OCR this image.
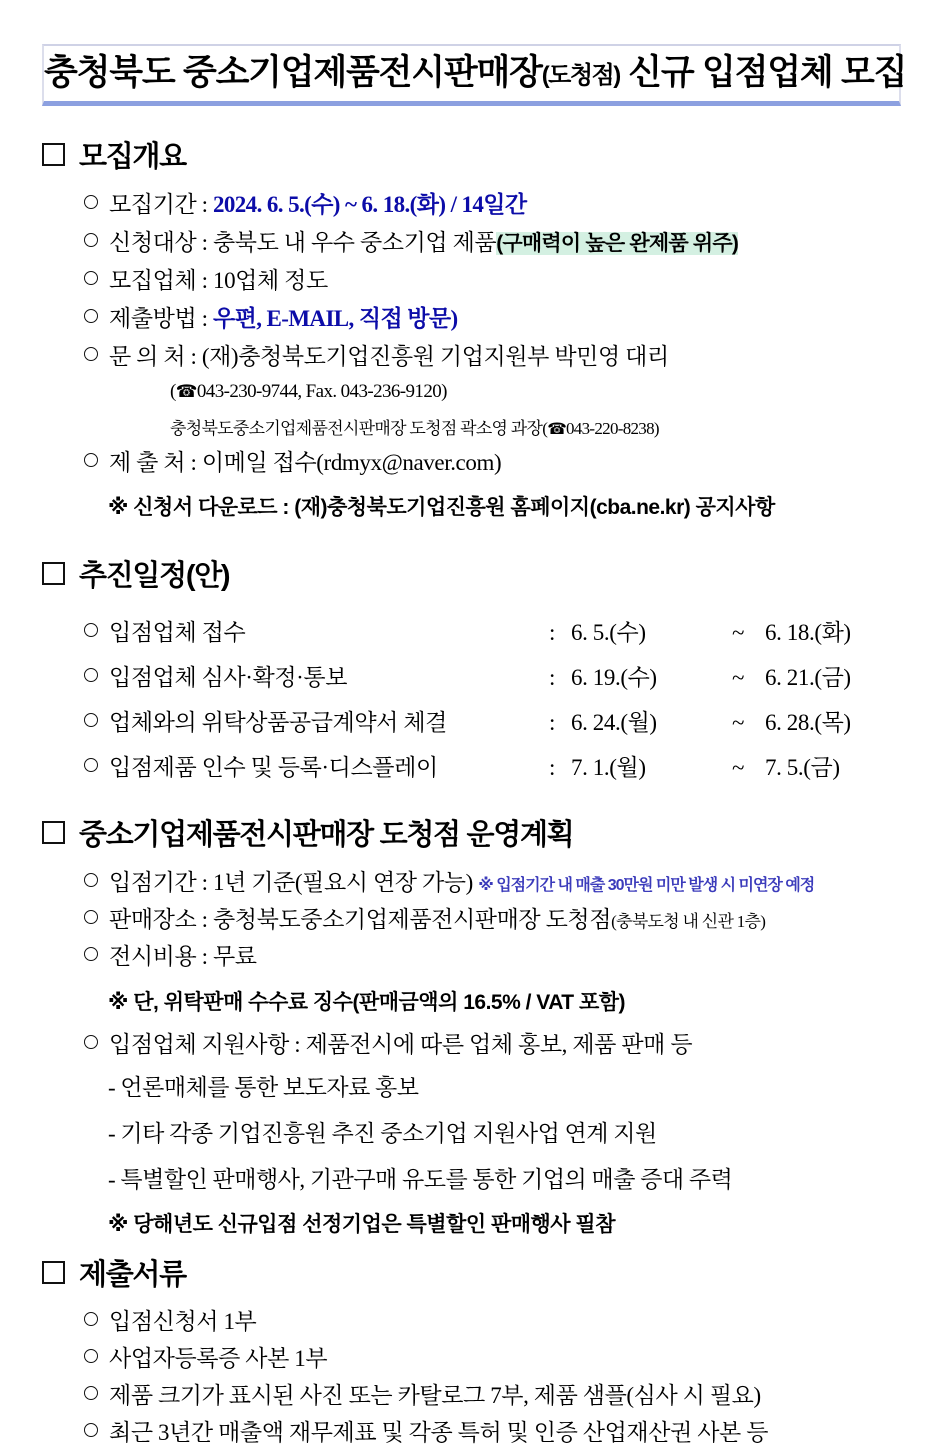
충청북도 중소기업제품전시판매장(도청점) 신규 입점업체 모집
모집개요
모집기간 : 2024. 6. 5.(수) ~ 6. 18.(화) / 14일간
신청대상 : 충북도 내 우수 중소기업 제품(구매력이 높은 완제품 위주)
모집업체 : 10업체 정도
제출방법 : 우편, E-MAIL, 직접 방문)
문 의 처 : (재)충청북도기업진흥원 기업지원부 박민영 대리
(☎043-230-9744, Fax. 043-236-9120)
충청북도중소기업제품전시판매장 도청점 곽소영 과장(☎043-220-8238)
제 출 처 : 이메일 접수(rdmyx@naver.com)
※ 신청서 다운로드 : (재)충청북도기업진흥원 홈페이지(cba.ne.kr) 공지사항
추진일정(안)
입점업체 접수	: 6. 5.(수)	~ 6. 18.(화)
입점업체 심사·확정·통보	: 6. 19.(수)	~ 6. 21.(금)
업체와의 위탁상품공급계약서 체결	: 6. 24.(월)	~ 6. 28.(목)
입점제품 인수 및 등록·디스플레이	: 7. 1.(월)	~ 7. 5.(금)
중소기업제품전시판매장 도청점 운영계획
입점기간 : 1년 기준(필요시 연장 가능) ※ 입점기간 내 매출 30만원 미만 발생 시 미연장 예정
판매장소 : 충청북도중소기업제품전시판매장 도청점(충북도청 내 신관 1층)
전시비용 : 무료
※ 단, 위탁판매 수수료 징수(판매금액의 16.5% / VAT 포함)
입점업체 지원사항 : 제품전시에 따른 업체 홍보, 제품 판매 등
- 언론매체를 통한 보도자료 홍보
- 기타 각종 기업진흥원 추진 중소기업 지원사업 연계 지원
- 특별할인 판매행사, 기관구매 유도를 통한 기업의 매출 증대 주력
※ 당해년도 신규입점 선정기업은 특별할인 판매행사 필참
제출서류
입점신청서 1부
사업자등록증 사본 1부
제품 크기가 표시된 사진 또는 카탈로그 7부, 제품 샘플(심사 시 필요)
최근 3년간 매출액 재무제표 및 각종 특허 및 인증 산업재산권 사본 등
